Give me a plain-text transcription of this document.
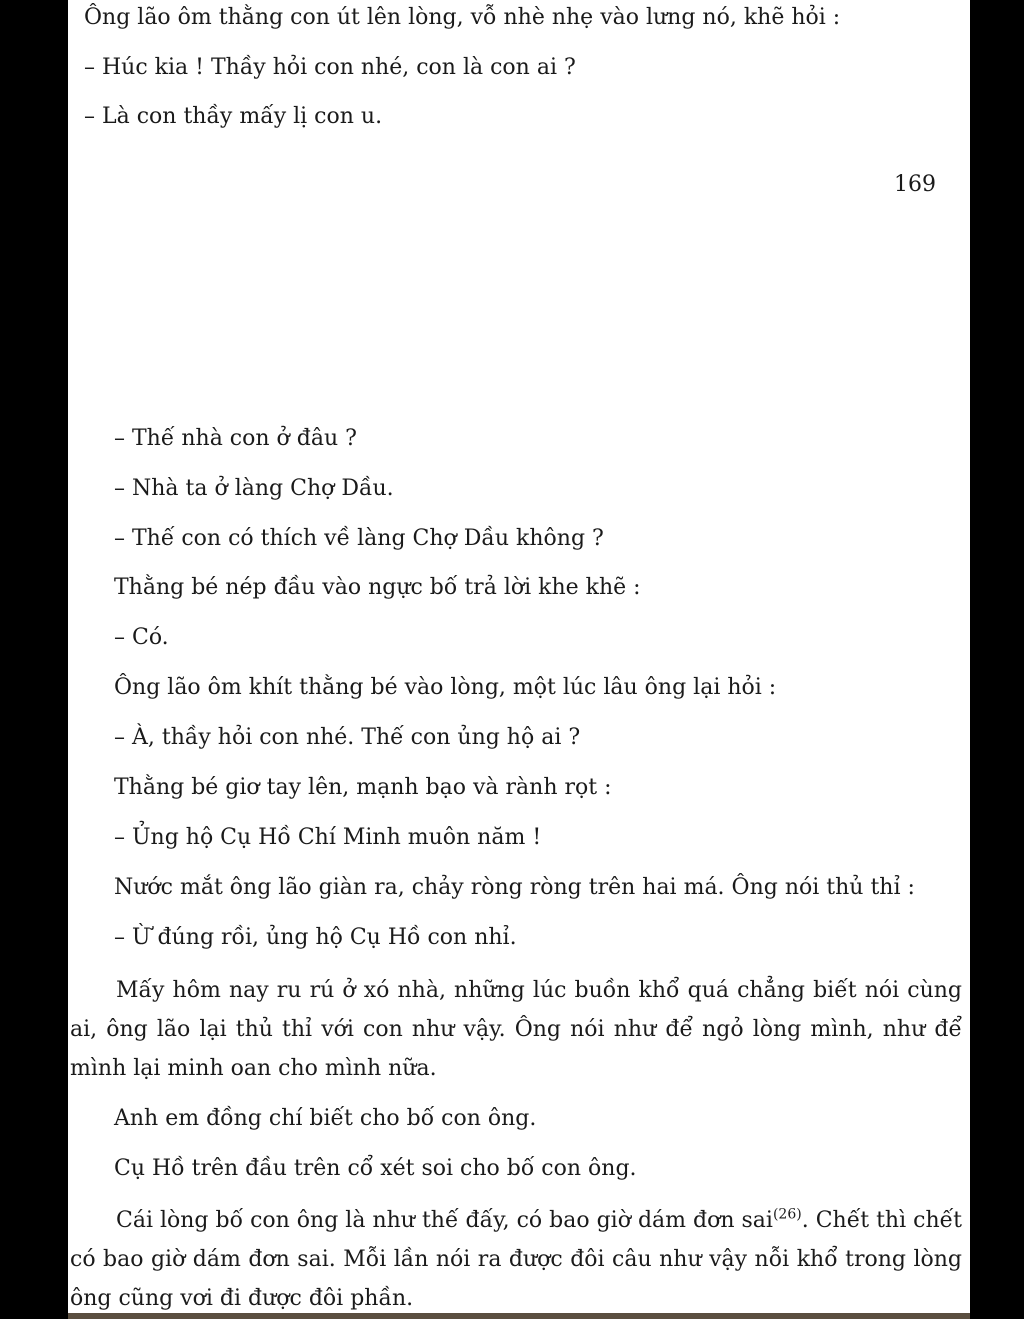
Ông lão ôm thằng con út lên lòng, vỗ nhè nhẹ vào lưng nó, khẽ hỏi :

– Húc kia ! Thầy hỏi con nhé, con là con ai ?

– Là con thầy mấy lị con u.

169

– Thế nhà con ở đâu ?

– Nhà ta ở làng Chợ Dầu.

– Thế con có thích về làng Chợ Dầu không ?

Thằng bé nép đầu vào ngực bố trả lời khe khẽ :

– Có.

Ông lão ôm khít thằng bé vào lòng, một lúc lâu ông lại hỏi :

– À, thầy hỏi con nhé. Thế con ủng hộ ai ?

Thằng bé giơ tay lên, mạnh bạo và rành rọt :

– Ủng hộ Cụ Hồ Chí Minh muôn năm !

Nước mắt ông lão giàn ra, chảy ròng ròng trên hai má. Ông nói thủ thỉ :

– Ừ đúng rồi, ủng hộ Cụ Hồ con nhỉ.

Mấy hôm nay ru rú ở xó nhà, những lúc buồn khổ quá chẳng biết nói cùng ai, ông lão lại thủ thỉ với con như vậy. Ông nói như để ngỏ lòng mình, như để mình lại minh oan cho mình nữa.

Anh em đồng chí biết cho bố con ông.

Cụ Hồ trên đầu trên cổ xét soi cho bố con ông.

Cái lòng bố con ông là như thế đấy, có bao giờ dám đơn sai$^{(26)}$. Chết thì chết có bao giờ dám đơn sai. Mỗi lần nói ra được đôi câu như vậy nỗi khổ trong lòng ông cũng vơi đi được đôi phần.
